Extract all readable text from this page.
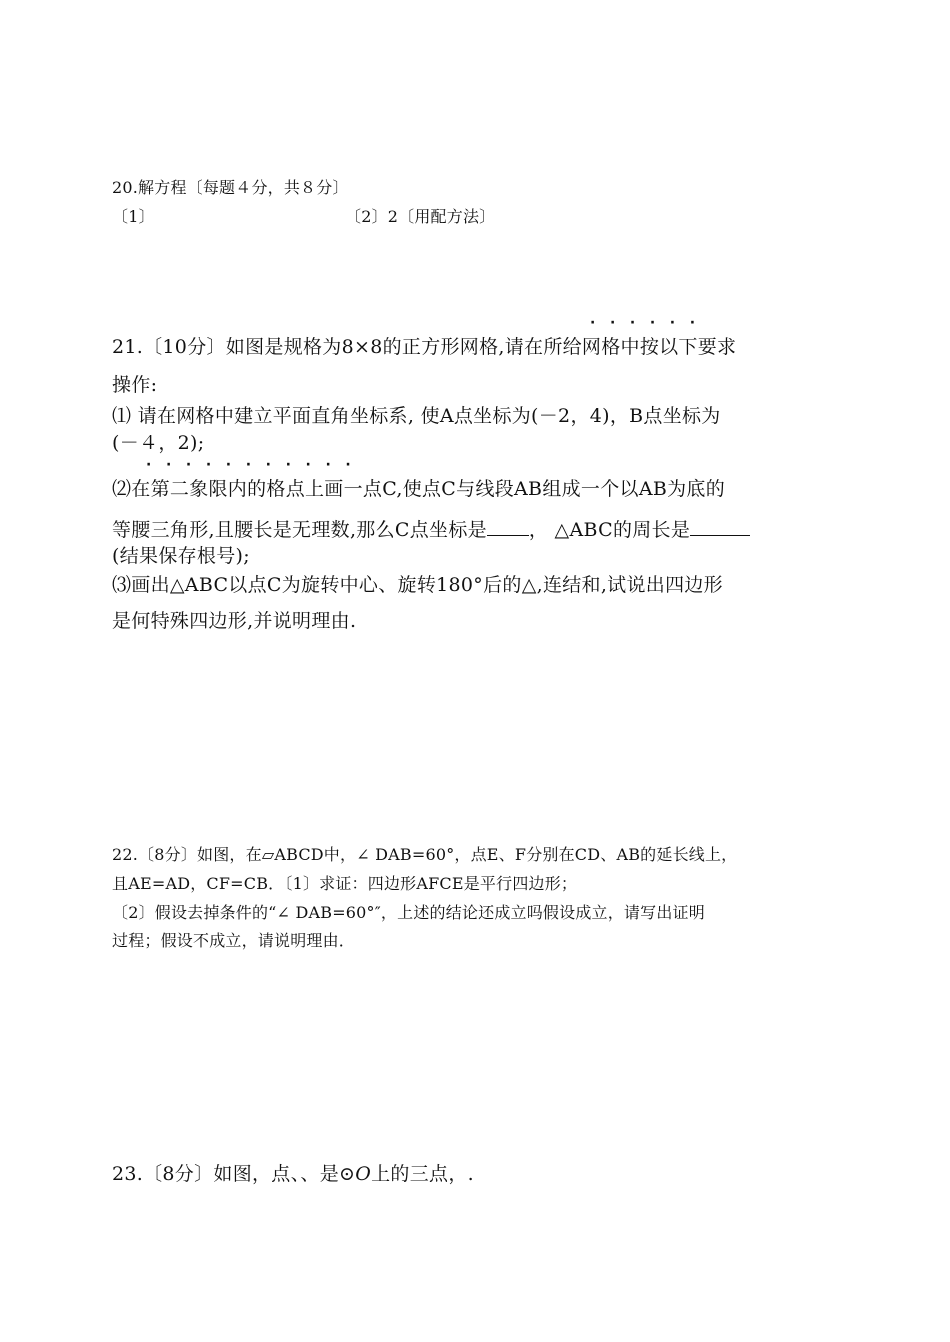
20.解方程〔每题４分，共８分〕
〔1〕	〔2〕2〔用配方法〕
·   ·   ·   ·   ·   ·
21.〔10分〕如图是规格为8×8的正方形网格,请在所给网格中按以下要求
操作:
⑴ 请在网格中建立平面直角坐标系, 使A点坐标为(－2，4)，B点坐标为
(－４，2);
·   ·   ·   ·   ·   ·   ·   ·   ·   ·   ·
⑵在第二象限内的格点上画一点C,使点C与线段AB组成一个以AB为底的
等腰三角形,且腰长是无理数,那么C点坐标是 ， △ABC的周长是
(结果保存根号);
⑶画出△ABC以点C为旋转中心、旋转180°后的△,连结和,试说出四边形
是何特殊四边形,并说明理由.
22.〔8分〕如图，在▱ABCD中，∠ DAB=60°，点E、F分别在CD、AB的延长线上，
且AE=AD，CF=CB．〔1〕求证：四边形AFCE是平行四边形；
〔2〕假设去掉条件的“∠ DAB=60°″，上述的结论还成立吗假设成立，请写出证明
过程；假设不成立，请说明理由．
23.〔8分〕如图，点、、是⊙O上的三点，.
